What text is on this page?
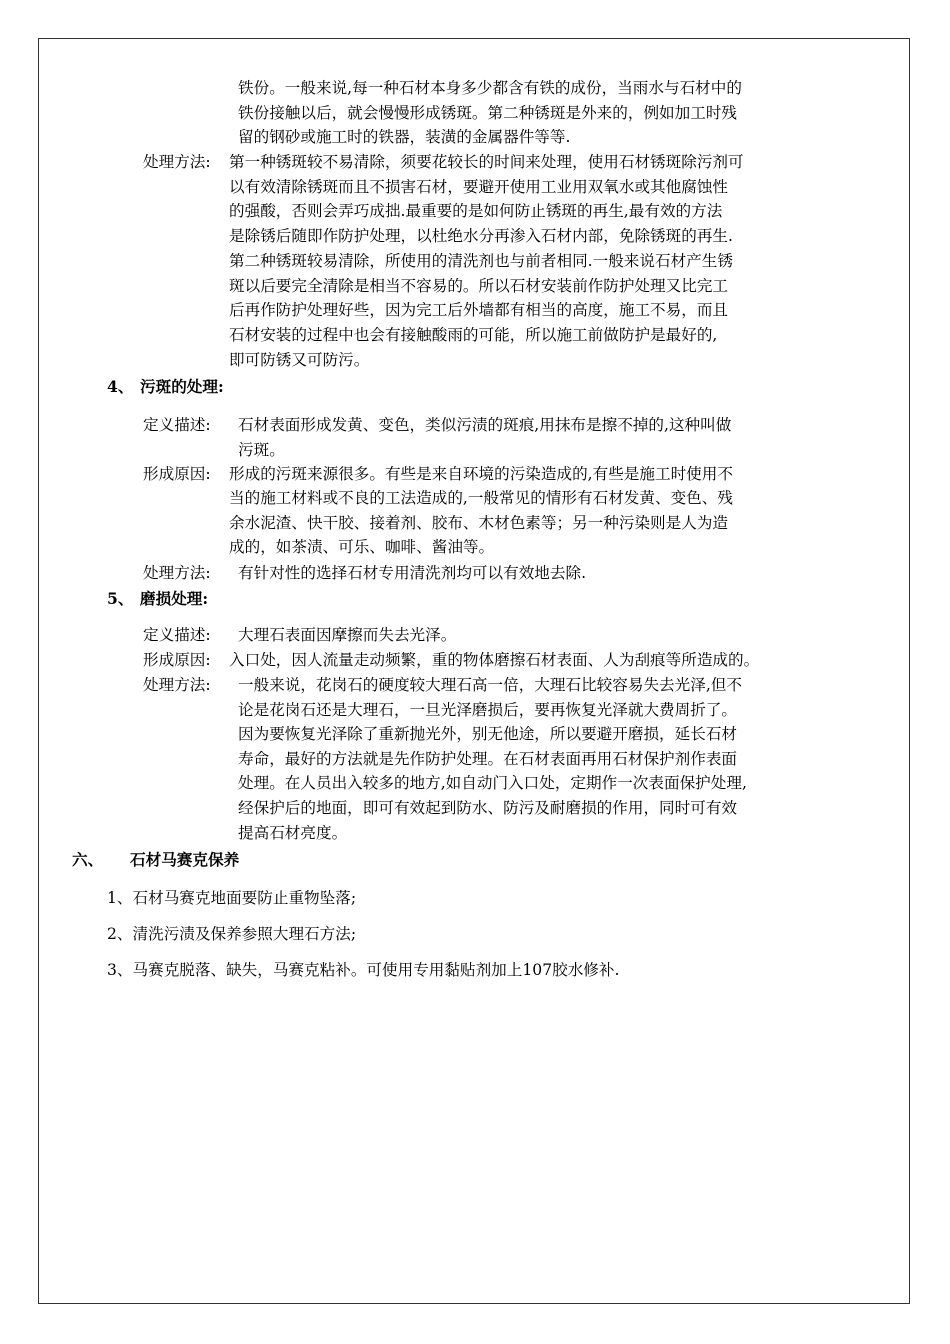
铁份。一般来说,每一种石材本身多少都含有铁的成份，当雨水与石材中的
铁份接触以后，就会慢慢形成锈斑。第二种锈斑是外来的，例如加工时残
留的钢砂或施工时的铁器，装潢的金属器件等等.
处理方法: 第一种锈斑较不易清除，须要花较长的时间来处理，使用石材锈斑除污剂可
以有效清除锈斑而且不损害石材，要避开使用工业用双氧水或其他腐蚀性
的强酸，否则会弄巧成拙.最重要的是如何防止锈斑的再生,最有效的方法
是除锈后随即作防护处理，以杜绝水分再渗入石材内部，免除锈斑的再生.
第二种锈斑较易清除，所使用的清洗剂也与前者相同.一般来说石材产生锈
斑以后要完全清除是相当不容易的。所以石材安装前作防护处理又比完工
后再作防护处理好些，因为完工后外墙都有相当的高度，施工不易，而且
石材安装的过程中也会有接触酸雨的可能，所以施工前做防护是最好的,
即可防锈又可防污。
4、 污斑的处理:
定义描述: 石材表面形成发黄、变色，类似污渍的斑痕,用抹布是擦不掉的,这种叫做
污斑。
形成原因: 形成的污斑来源很多。有些是来自环境的污染造成的,有些是施工时使用不
当的施工材料或不良的工法造成的,一般常见的情形有石材发黄、变色、残
余水泥渣、快干胶、接着剂、胶布、木材色素等；另一种污染则是人为造
成的，如茶渍、可乐、咖啡、酱油等。
处理方法: 有针对性的选择石材专用清洗剂均可以有效地去除.
5、 磨损处理:
定义描述: 大理石表面因摩擦而失去光泽。
形成原因: 入口处，因人流量走动频繁，重的物体磨擦石材表面、人为刮痕等所造成的。
处理方法: 一般来说，花岗石的硬度较大理石高一倍，大理石比较容易失去光泽,但不
论是花岗石还是大理石，一旦光泽磨损后，要再恢复光泽就大费周折了。
因为要恢复光泽除了重新抛光外，别无他途，所以要避开磨损，延长石材
寿命，最好的方法就是先作防护处理。在石材表面再用石材保护剂作表面
处理。在人员出入较多的地方,如自动门入口处，定期作一次表面保护处理,
经保护后的地面，即可有效起到防水、防污及耐磨损的作用，同时可有效
提高石材亮度。
六、 石材马赛克保养
1、石材马赛克地面要防止重物坠落;
2、清洗污渍及保养参照大理石方法;
3、马赛克脱落、缺失，马赛克粘补。可使用专用黏贴剂加上107胶水修补.
